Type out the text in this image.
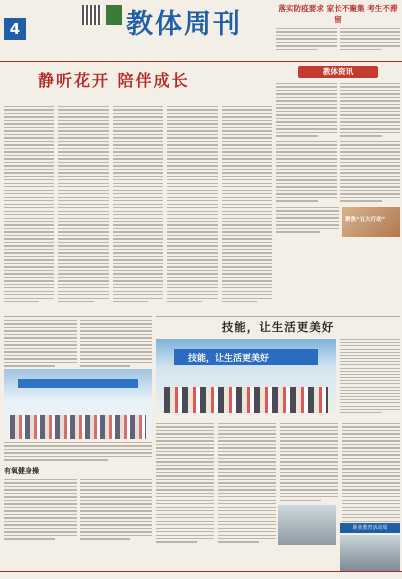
4	教体周刊
落实防疫要求 家长不聚集 考生不滞留
静听花开 陪伴成长	教体资讯
聚焦“五大行动”
有氧健身操
技能，让生活更美好
技能，让生活更美好
职业教育活动周
